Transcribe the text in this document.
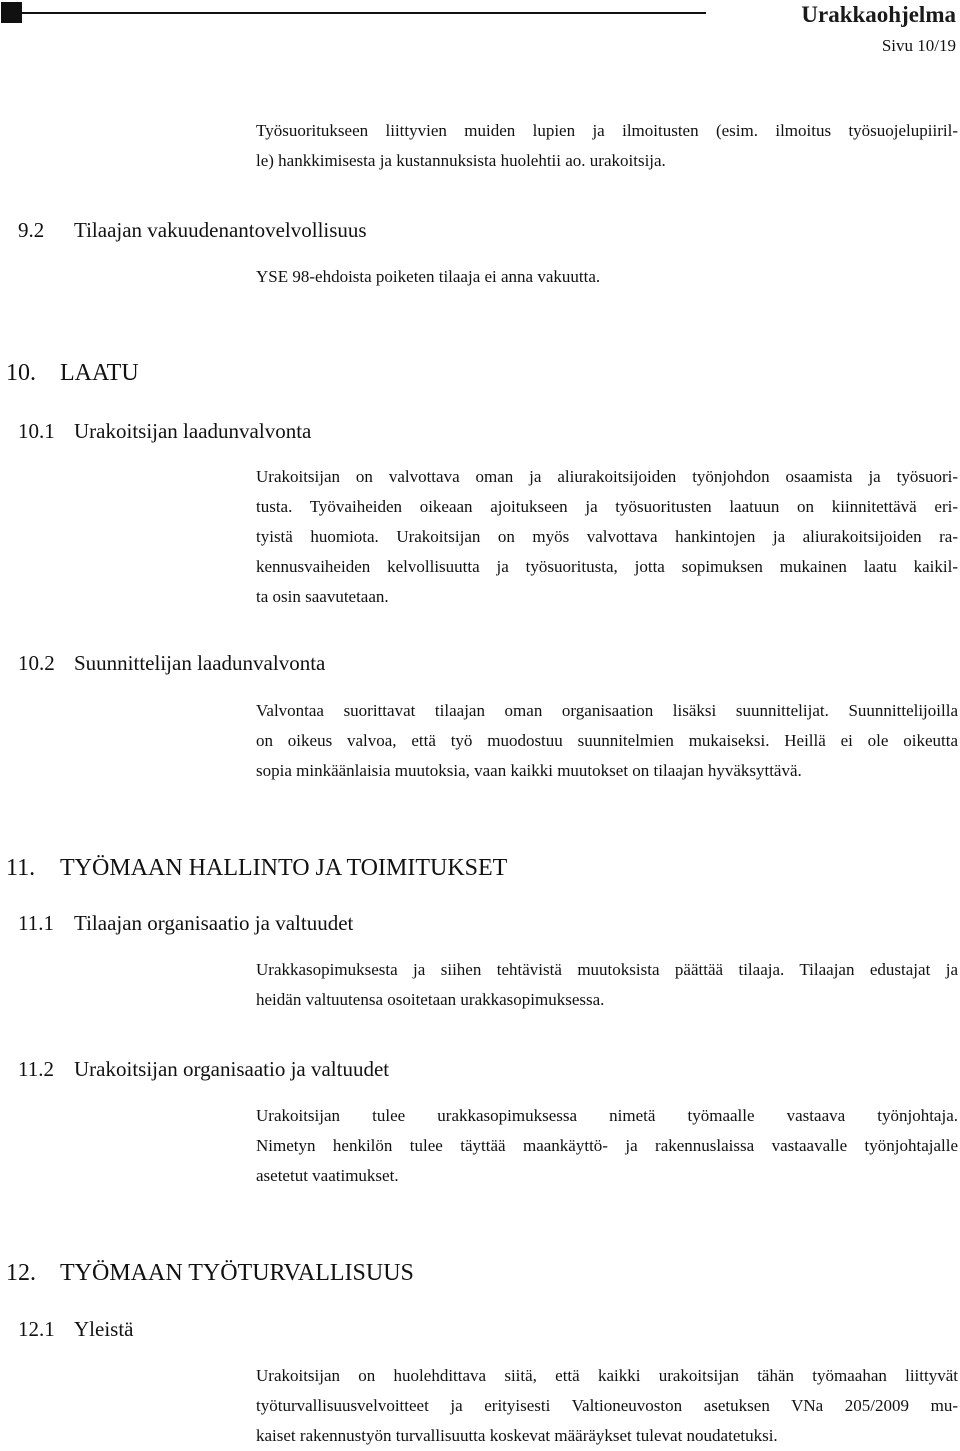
Urakkaohjelma
Sivu 10/19
Työsuoritukseen liittyvien muiden lupien ja ilmoitusten (esim. ilmoitus työsuojelupiiril-
le) hankkimisesta ja kustannuksista huolehtii ao. urakoitsija.
9.2 Tilaajan vakuudenantovelvollisuus
YSE 98-ehdoista poiketen tilaaja ei anna vakuutta.
10. LAATU
10.1 Urakoitsijan laadunvalvonta
Urakoitsijan on valvottava oman ja aliurakoitsijoiden työnjohdon osaamista ja työsuori-
tusta. Työvaiheiden oikeaan ajoitukseen ja työsuoritusten laatuun on kiinnitettävä eri-
tyistä huomiota. Urakoitsijan on myös valvottava hankintojen ja aliurakoitsijoiden ra-
kennusvaiheiden kelvollisuutta ja työsuoritusta, jotta sopimuksen mukainen laatu kaikil-
ta osin saavutetaan.
10.2 Suunnittelijan laadunvalvonta
Valvontaa suorittavat tilaajan oman organisaation lisäksi suunnittelijat. Suunnittelijoilla
on oikeus valvoa, että työ muodostuu suunnitelmien mukaiseksi. Heillä ei ole oikeutta
sopia minkäänlaisia muutoksia, vaan kaikki muutokset on tilaajan hyväksyttävä.
11. TYÖMAAN HALLINTO JA TOIMITUKSET
11.1 Tilaajan organisaatio ja valtuudet
Urakkasopimuksesta ja siihen tehtävistä muutoksista päättää tilaaja. Tilaajan edustajat ja
heidän valtuutensa osoitetaan urakkasopimuksessa.
11.2 Urakoitsijan organisaatio ja valtuudet
Urakoitsijan tulee urakkasopimuksessa nimetä työmaalle vastaava työnjohtaja.
Nimetyn henkilön tulee täyttää maankäyttö- ja rakennuslaissa vastaavalle työnjohtajalle
asetetut vaatimukset.
12. TYÖMAAN TYÖTURVALLISUUS
12.1 Yleistä
Urakoitsijan on huolehdittava siitä, että kaikki urakoitsijan tähän työmaahan liittyvät
työturvallisuusvelvoitteet ja erityisesti Valtioneuvoston asetuksen VNa 205/2009 mu-
kaiset rakennustyön turvallisuutta koskevat määräykset tulevat noudatetuksi.
